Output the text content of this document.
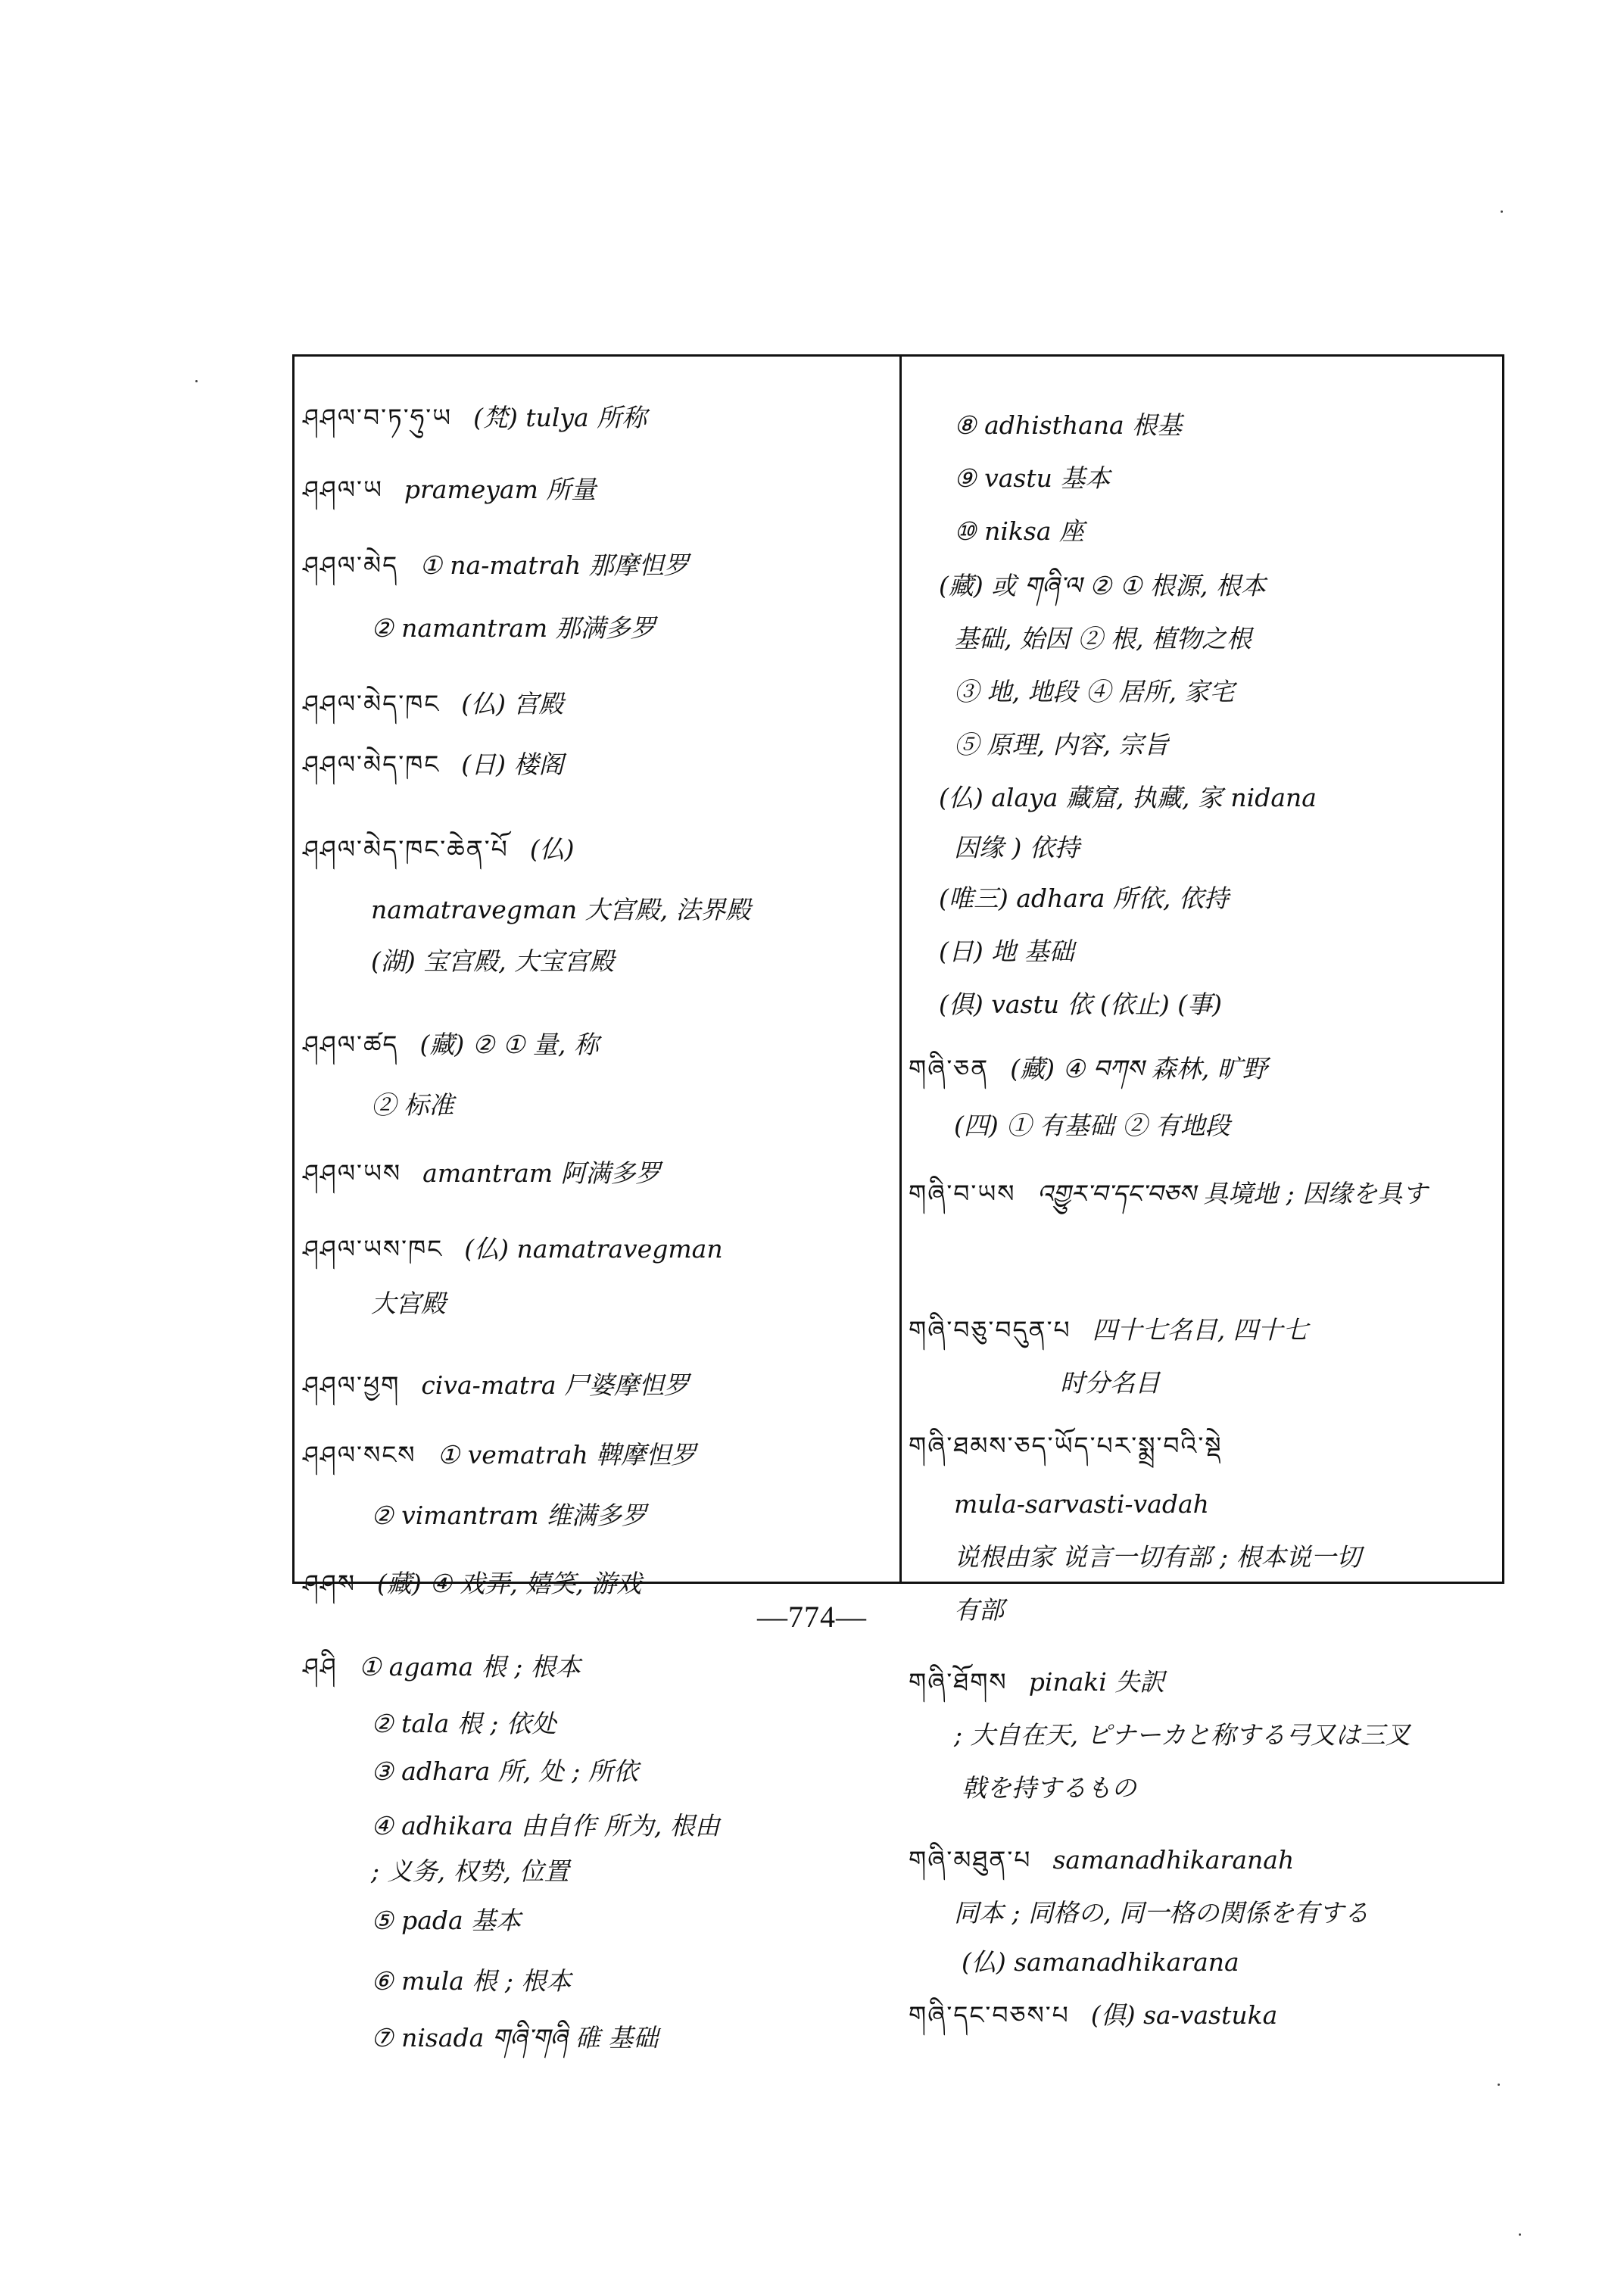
ཤཤལ་བ་ཏ་ཧུ་ཡ (梵) tulya 所称
ཤཤལ་ཡ prameyam 所量
ཤཤལ་མེད ① na-matrah 那摩怛罗
② namantram 那满多罗
ཤཤལ་མེད་ཁང (仏) 宫殿
ཤཤལ་མེད་ཁང (日) 楼阁
ཤཤལ་མེད་ཁང་ཆེན་པོ (仏)
namatravegman 大宫殿, 法界殿
(湖) 宝宫殿, 大宝宫殿
ཤཤལ་ཚད (藏) ② ① 量, 称
② 标准
ཤཤལ་ཡས amantram 阿满多罗
ཤཤལ་ཡས་ཁང (仏) namatravegman
大宫殿
ཤཤལ་ཕྱག civa-matra 尸婆摩怛罗
ཤཤལ་སངས ① vematrah 鞞摩怛罗
② vimantram 维满多罗
ཤཤས (藏) ④ 戏弄, 嬉笑, 游戏
ཤཤི ① agama 根 ; 根本
② tala 根 ; 依处
③ adhara 所, 处 ; 所依
④ adhikara 由自作 所为, 根由
; 义务, 权势, 位置
⑤ pada 基本
⑥ mula 根 ; 根本
⑦ nisada གཞི་གཞི 碓 基础
⑧ adhisthana 根基
⑨ vastu 基本
⑩ niksa 座
(藏) 或 གཞི་ལ ② ① 根源, 根本
基础, 始因 ② 根, 植物之根
③ 地, 地段 ④ 居所, 家宅
⑤ 原理, 内容, 宗旨
(仏) alaya 藏窟, 执藏, 家 nidana
因缘 ) 依持
(唯三) adhara 所依, 依持
(日) 地 基础
(俱) vastu 依 (依止) (事)
གཞི་ཅན (藏) ④ བཀས 森林, 旷野
(四) ① 有基础 ② 有地段
གཞི་བ་ཡས འགྱུར་བ་དང་བཅས 具境地 ; 因缘を具す
གཞི་བཅུ་བདུན་པ 四十七名目, 四十七
时分名目
གཞི་ཐམས་ཅད་ཡོད་པར་སྨྲ་བའི་སྡེ
mula-sarvasti-vadah
说根由家 说言一切有部 ; 根本说一切
有部
གཞི་ཐོགས pinaki 失訳
; 大自在天, ピナーカと称する弓又は三叉
戟を持するもの
གཞི་མཐུན་པ samanadhikaranah
同本 ; 同格の, 同一格の関係を有する
(仏) samanadhikarana
གཞི་དང་བཅས་པ (俱) sa-vastuka
—774—
